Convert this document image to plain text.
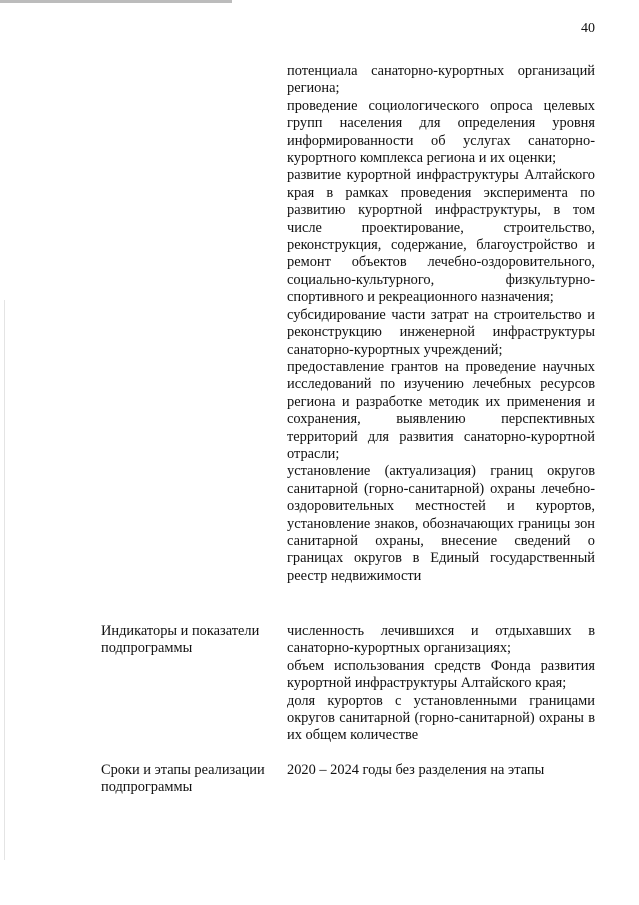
40

потенциала санаторно-курортных организаций региона;

проведение социологического опроса целевых групп населения для определения уровня информированности об услугах санаторно-курортного комплекса региона и их оценки;

развитие курортной инфраструктуры Алтайского края в рамках проведения эксперимента по развитию курортной инфраструктуры, в том числе проектирование, строительство, реконструкция, содержание, благоустройство и ремонт объектов лечебно-оздоровительного, социально-культурного, физкультурно-спортивного и рекреационного назначения;

субсидирование части затрат на строительство и реконструкцию инженерной инфраструктуры санаторно-курортных учреждений;

предоставление грантов на проведение научных исследований по изучению лечебных ресурсов региона и разработке методик их применения и сохранения, выявлению перспективных территорий для развития санаторно-курортной отрасли;

установление (актуализация) границ округов санитарной (горно-санитарной) охраны лечебно-оздоровительных местностей и курортов, установление знаков, обозначающих границы зон санитарной охраны, внесение сведений о границах округов в Единый государственный реестр недвижимости

Индикаторы и показатели подпрограммы

численность лечившихся и отдыхавших в санаторно-курортных организациях;

объем использования средств Фонда развития курортной инфраструктуры Алтайского края;

доля курортов с установленными границами округов санитарной (горно-санитарной) охраны в их общем количестве

Сроки и этапы реализации подпрограммы

2020 – 2024 годы без разделения на этапы
